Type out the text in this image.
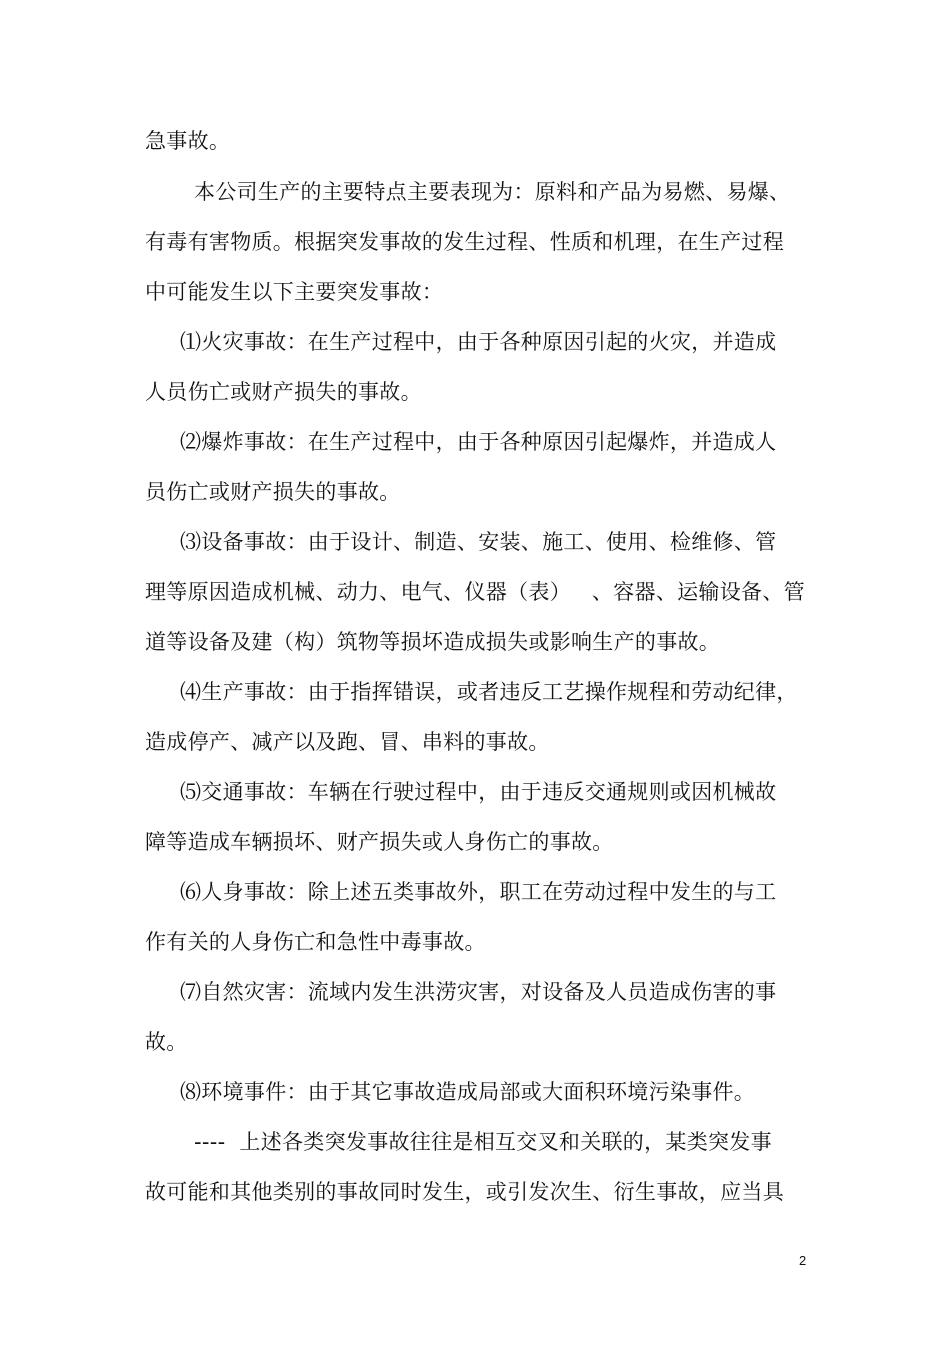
急事故。
本公司生产的主要特点主要表现为：原料和产品为易燃、易爆、
有毒有害物质。根据突发事故的发生过程、性质和机理，在生产过程
中可能发生以下主要突发事故：
⑴火灾事故：在生产过程中，由于各种原因引起的火灾，并造成
人员伤亡或财产损失的事故。
⑵爆炸事故：在生产过程中，由于各种原因引起爆炸，并造成人
员伤亡或财产损失的事故。
⑶设备事故：由于设计、制造、安装、施工、使用、检维修、管
理等原因造成机械、动力、电气、仪器（表）   、容器、运输设备、管
道等设备及建（构）筑物等损坏造成损失或影响生产的事故。
⑷生产事故：由于指挥错误，或者违反工艺操作规程和劳动纪律，
造成停产、减产以及跑、冒、串料的事故。
⑸交通事故：车辆在行驶过程中，由于违反交通规则或因机械故
障等造成车辆损坏、财产损失或人身伤亡的事故。
⑹人身事故：除上述五类事故外，职工在劳动过程中发生的与工
作有关的人身伤亡和急性中毒事故。
⑺自然灾害：流域内发生洪涝灾害，对设备及人员造成伤害的事
故。
⑻环境事件：由于其它事故造成局部或大面积环境污染事件。
----  上述各类突发事故往往是相互交叉和关联的，某类突发事
故可能和其他类别的事故同时发生，或引发次生、衍生事故，应当具
2
